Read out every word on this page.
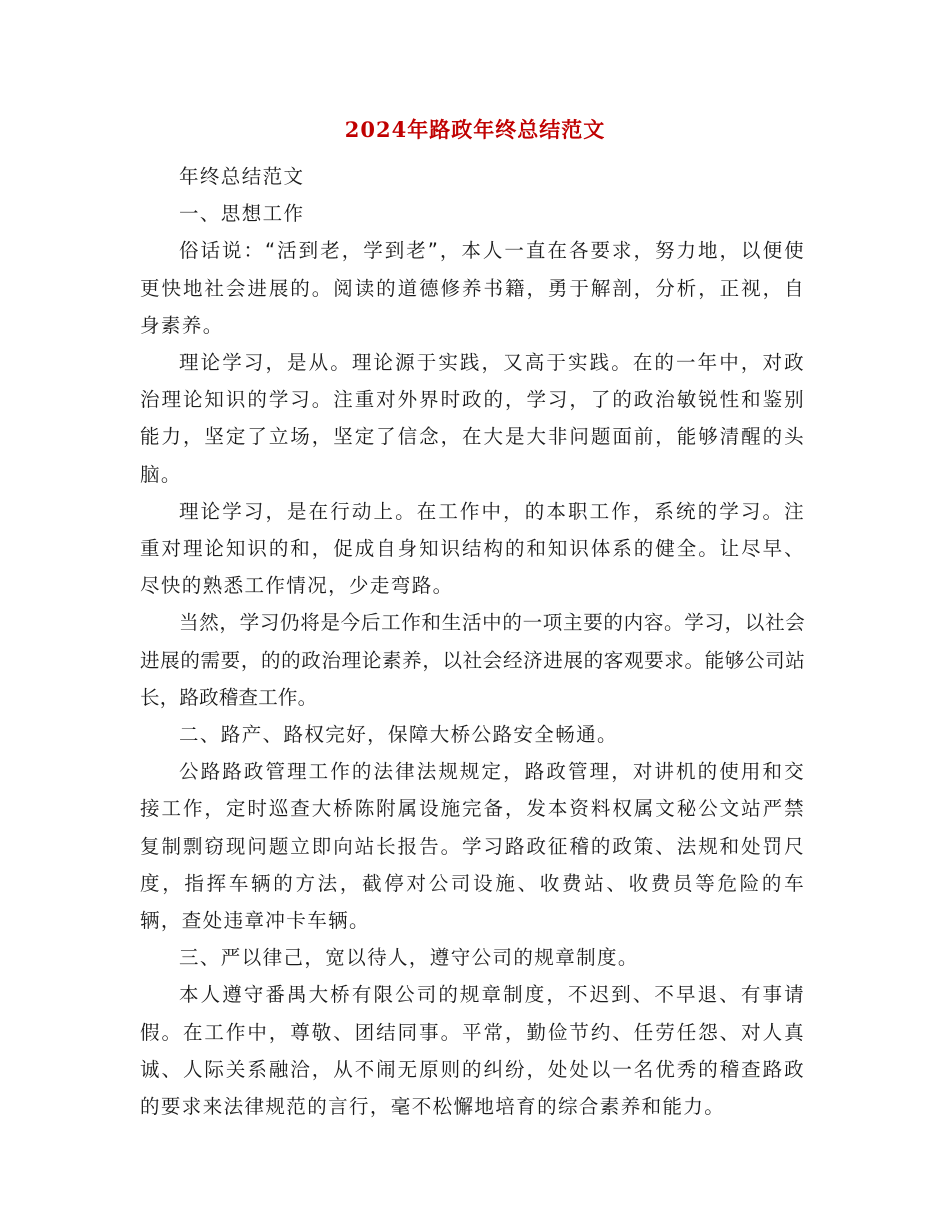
2024年路政年终总结范文

年终总结范文

一、思想工作

俗话说：“活到老，学到老”，本人一直在各要求，努力地，以便使更快地社会进展的。阅读的道德修养书籍，勇于解剖，分析，正视，自身素养。

理论学习，是从。理论源于实践，又高于实践。在的一年中，对政治理论知识的学习。注重对外界时政的，学习，了的政治敏锐性和鉴别能力，坚定了立场，坚定了信念，在大是大非问题面前，能够清醒的头脑。

理论学习，是在行动上。在工作中，的本职工作，系统的学习。注重对理论知识的和，促成自身知识结构的和知识体系的健全。让尽早、尽快的熟悉工作情况，少走弯路。

当然，学习仍将是今后工作和生活中的一项主要的内容。学习，以社会进展的需要，的的政治理论素养，以社会经济进展的客观要求。能够公司站长，路政稽查工作。

二、路产、路权完好，保障大桥公路安全畅通。

公路路政管理工作的法律法规规定，路政管理，对讲机的使用和交接工作，定时巡查大桥陈附属设施完备，发本资料权属文秘公文站严禁复制剽窃现问题立即向站长报告。学习路政征稽的政策、法规和处罚尺度，指挥车辆的方法，截停对公司设施、收费站、收费员等危险的车辆，查处违章冲卡车辆。

三、严以律己，宽以待人，遵守公司的规章制度。

本人遵守番禺大桥有限公司的规章制度，不迟到、不早退、有事请假。在工作中，尊敬、团结同事。平常，勤俭节约、任劳任怨、对人真诚、人际关系融洽，从不闹无原则的纠纷，处处以一名优秀的稽查路政的要求来法律规范的言行，毫不松懈地培育的综合素养和能力。
